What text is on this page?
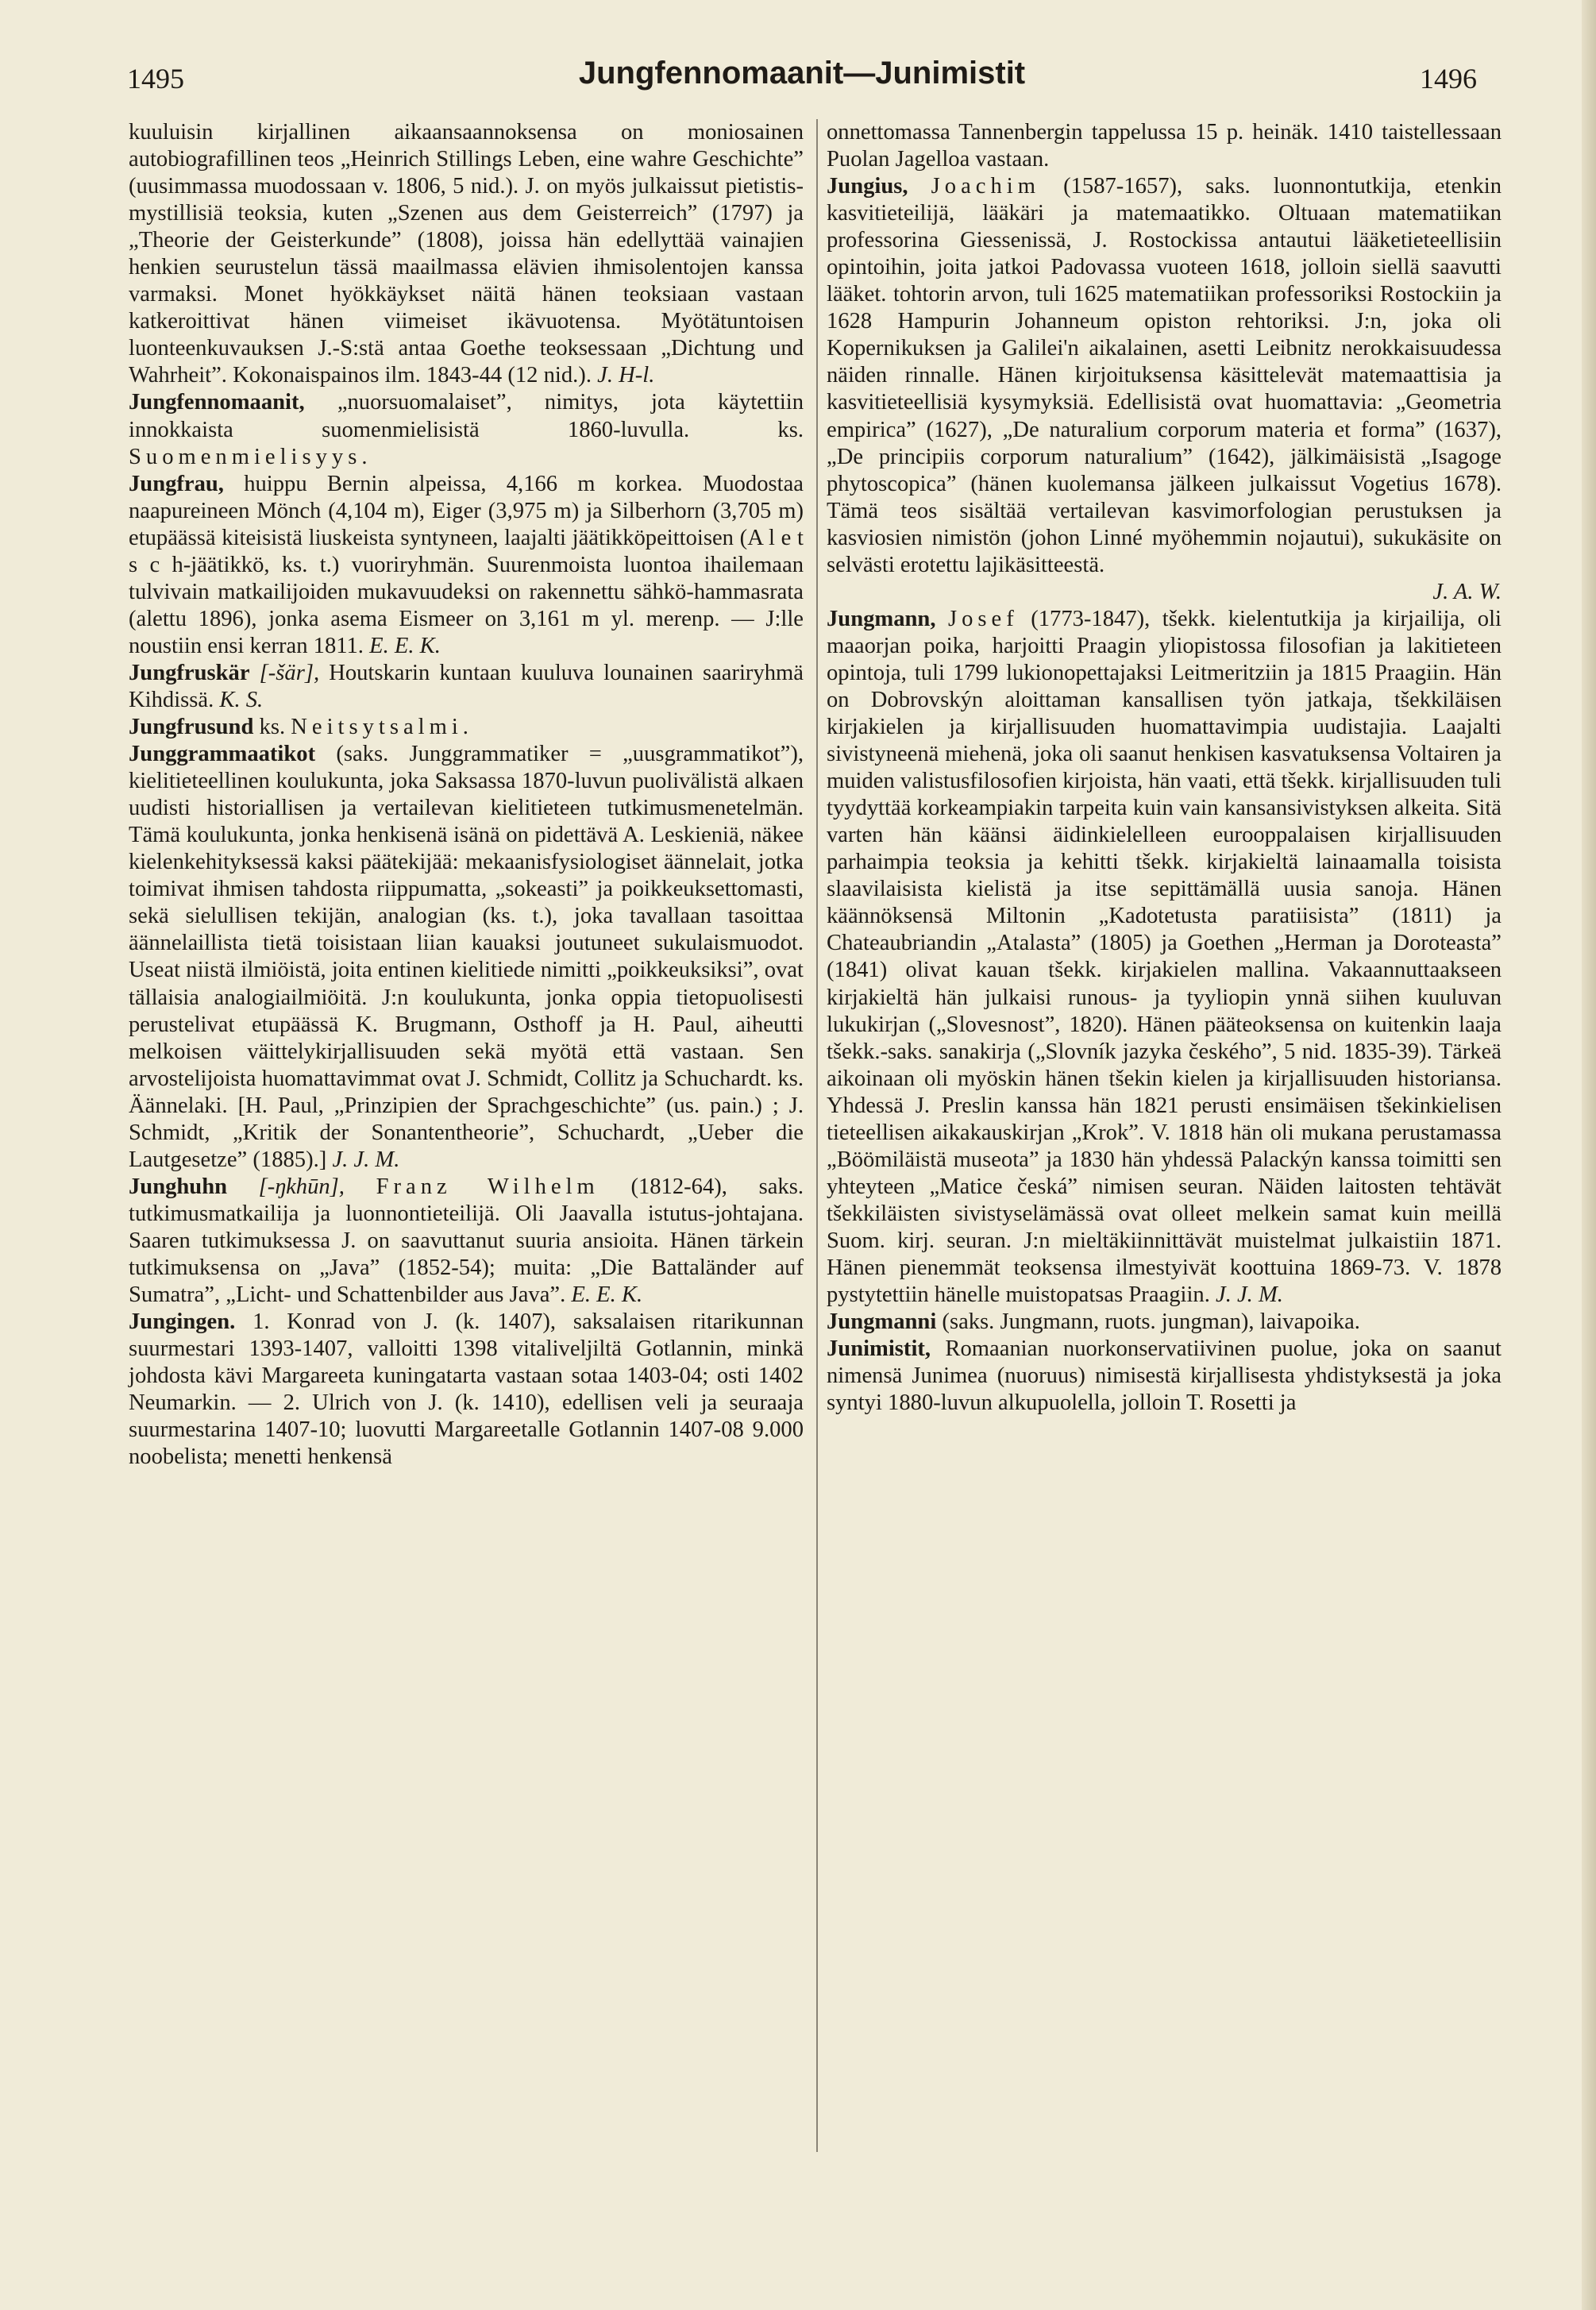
1495	Jungfennomaanit—Junimistit	1496

kuuluisin kirjallinen aikaansaannoksensa on moniosainen autobiografillinen teos „Heinrich Stillings Leben, eine wahre Geschichte” (uusimmassa muodossaan v. 1806, 5 nid.). J. on myös julkaissut pietistis-mystillisiä teoksia, kuten „Szenen aus dem Geisterreich” (1797) ja „Theorie der Geisterkunde” (1808), joissa hän edellyttää vainajien henkien seurustelun tässä maailmassa elävien ihmisolentojen kanssa varmaksi. Monet hyökkäykset näitä hänen teoksiaan vastaan katkeroittivat hänen viimeiset ikävuotensa. Myötätuntoisen luonteenkuvauksen J.-S:stä antaa Goethe teoksessaan „Dichtung und Wahrheit”. Kokonaispainos ilm. 1843-44 (12 nid.). J. H-l.

Jungfennomaanit, „nuorsuomalaiset”, nimitys, jota käytettiin innokkaista suomenmielisistä 1860-luvulla. ks. Suomenmielisyys.

Jungfrau, huippu Bernin alpeissa, 4,166 m korkea. Muodostaa naapureineen Mönch (4,104 m), Eiger (3,975 m) ja Silberhorn (3,705 m) etupäässä kiteisistä liuskeista syntyneen, laajalti jäätikköpeittoisen (A l e t s c h-jäätikkö, ks. t.) vuoriryhmän. Suurenmoista luontoa ihailemaan tulvivain matkailijoiden mukavuudeksi on rakennettu sähkö-hammasrata (alettu 1896), jonka asema Eismeer on 3,161 m yl. merenp. — J:lle noustiin ensi kerran 1811. E. E. K.

Jungfruskär [-šär], Houtskarin kuntaan kuuluva lounainen saariryhmä Kihdissä. K. S.

Jungfrusund ks. Neitsytsalmi.

Junggrammaatikot (saks. Junggrammatiker = „uusgrammatikot”), kielitieteellinen koulukunta, joka Saksassa 1870-luvun puolivälistä alkaen uudisti historiallisen ja vertailevan kielitieteen tutkimusmenetelmän. Tämä koulukunta, jonka henkisenä isänä on pidettävä A. Leskieniä, näkee kielenkehityksessä kaksi päätekijää: mekaanisfysiologiset äännelait, jotka toimivat ihmisen tahdosta riippumatta, „sokeasti” ja poikkeuksettomasti, sekä sielullisen tekijän, analogian (ks. t.), joka tavallaan tasoittaa äännelaillista tietä toisistaan liian kauaksi joutuneet sukulaismuodot. Useat niistä ilmiöistä, joita entinen kielitiede nimitti „poikkeuksiksi”, ovat tällaisia analogiailmiöitä. J:n koulukunta, jonka oppia tietopuolisesti perustelivat etupäässä K. Brugmann, Osthoff ja H. Paul, aiheutti melkoisen väittelykirjallisuuden sekä myötä että vastaan. Sen arvostelijoista huomattavimmat ovat J. Schmidt, Collitz ja Schuchardt. ks. Äännelaki. [H. Paul, „Prinzipien der Sprachgeschichte” (us. pain.) ; J. Schmidt, „Kritik der Sonantentheorie”, Schuchardt, „Ueber die Lautgesetze” (1885).] J. J. M.

Junghuhn [-ŋkhūn], Franz Wilhelm (1812-64), saks. tutkimusmatkailija ja luonnontieteilijä. Oli Jaavalla istutus-johtajana. Saaren tutkimuksessa J. on saavuttanut suuria ansioita. Hänen tärkein tutkimuksensa on „Java” (1852-54); muita: „Die Battaländer auf Sumatra”, „Licht- und Schattenbilder aus Java”. E. E. K.

Jungingen. 1. Konrad von J. (k. 1407), saksalaisen ritarikunnan suurmestari 1393-1407, valloitti 1398 vitaliveljiltä Gotlannin, minkä johdosta kävi Margareeta kuningatarta vastaan sotaa 1403-04; osti 1402 Neumarkin. — 2. Ulrich von J. (k. 1410), edellisen veli ja seuraaja suurmestarina 1407-10; luovutti Margareetalle Gotlannin 1407-08 9.000 noobelista; menetti henkensä

onnettomassa Tannenbergin tappelussa 15 p. heinäk. 1410 taistellessaan Puolan Jagelloa vastaan.

Jungius, Joachim (1587-1657), saks. luonnontutkija, etenkin kasvitieteilijä, lääkäri ja matemaatikko. Oltuaan matematiikan professorina Giessenissä, J. Rostockissa antautui lääketieteellisiin opintoihin, joita jatkoi Padovassa vuoteen 1618, jolloin siellä saavutti lääket. tohtorin arvon, tuli 1625 matematiikan professoriksi Rostockiin ja 1628 Hampurin Johanneum opiston rehtoriksi. J:n, joka oli Kopernikuksen ja Galilei'n aikalainen, asetti Leibnitz nerokkaisuudessa näiden rinnalle. Hänen kirjoituksensa käsittelevät matemaattisia ja kasvitieteellisiä kysymyksiä. Edellisistä ovat huomattavia: „Geometria empirica” (1627), „De naturalium corporum materia et forma” (1637), „De principiis corporum naturalium” (1642), jälkimäisistä „Isagoge phytoscopica” (hänen kuolemansa jälkeen julkaissut Vogetius 1678). Tämä teos sisältää vertailevan kasvimorfologian perustuksen ja kasviosien nimistön (johon Linné myöhemmin nojautui), sukukäsite on selvästi erotettu lajikäsitteestä.
J. A. W.

Jungmann, Josef (1773-1847), tšekk. kielentutkija ja kirjailija, oli maaorjan poika, harjoitti Praagin yliopistossa filosofian ja lakitieteen opintoja, tuli 1799 lukionopettajaksi Leitmeritziin ja 1815 Praagiin. Hän on Dobrovskýn aloittaman kansallisen työn jatkaja, tšekkiläisen kirjakielen ja kirjallisuuden huomattavimpia uudistajia. Laajalti sivistyneenä miehenä, joka oli saanut henkisen kasvatuksensa Voltairen ja muiden valistusfilosofien kirjoista, hän vaati, että tšekk. kirjallisuuden tuli tyydyttää korkeampiakin tarpeita kuin vain kansansivistyksen alkeita. Sitä varten hän käänsi äidinkielelleen eurooppalaisen kirjallisuuden parhaimpia teoksia ja kehitti tšekk. kirjakieltä lainaamalla toisista slaavilaisista kielistä ja itse sepittämällä uusia sanoja. Hänen käännöksensä Miltonin „Kadotetusta paratiisista” (1811) ja Chateaubriandin „Atalasta” (1805) ja Goethen „Herman ja Doroteasta” (1841) olivat kauan tšekk. kirjakielen mallina. Vakaannuttaakseen kirjakieltä hän julkaisi runous- ja tyyliopin ynnä siihen kuuluvan lukukirjan („Slovesnost”, 1820). Hänen pääteoksensa on kuitenkin laaja tšekk.-saks. sanakirja („Slovník jazyka českého”, 5 nid. 1835-39). Tärkeä aikoinaan oli myöskin hänen tšekin kielen ja kirjallisuuden historiansa. Yhdessä J. Preslin kanssa hän 1821 perusti ensimäisen tšekinkielisen tieteellisen aikakauskirjan „Krok”. V. 1818 hän oli mukana perustamassa „Böömiläistä museota” ja 1830 hän yhdessä Palackýn kanssa toimitti sen yhteyteen „Matice česká” nimisen seuran. Näiden laitosten tehtävät tšekkiläisten sivistyselämässä ovat olleet melkein samat kuin meillä Suom. kirj. seuran. J:n mieltäkiinnittävät muistelmat julkaistiin 1871. Hänen pienemmät teoksensa ilmestyivät koottuina 1869-73. V. 1878 pystytettiin hänelle muistopatsas Praagiin. J. J. M.

Jungmanni (saks. Jungmann, ruots. jungman), laivapoika.

Junimistit, Romaanian nuorkonservatiivinen puolue, joka on saanut nimensä Junimea (nuoruus) nimisestä kirjallisesta yhdistyksestä ja joka syntyi 1880-luvun alkupuolella, jolloin T. Rosetti ja
